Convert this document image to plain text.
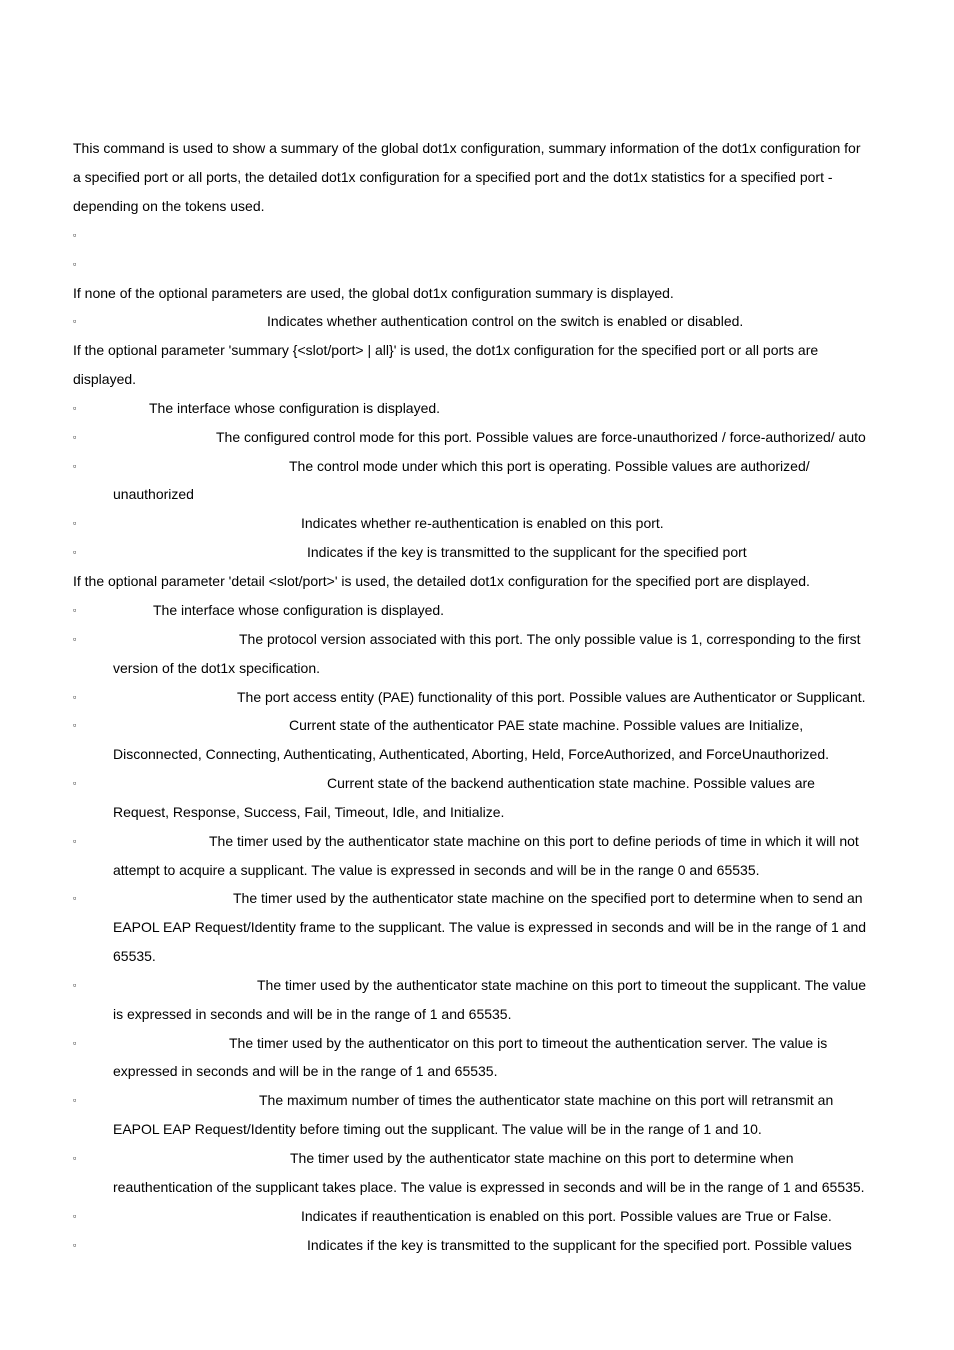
This command is used to show a summary of the global dot1x configuration, summary information of the dot1x configuration for
a specified port or all ports, the detailed dot1x configuration for a specified port and the dot1x statistics for a specified port -
depending on the tokens used.
▫
▫
If none of the optional parameters are used, the global dot1x configuration summary is displayed.
▫	Indicates whether authentication control on the switch is enabled or disabled.
If the optional parameter 'summary {<slot/port> | all}' is used, the dot1x configuration for the specified port or all ports are
displayed.
▫	The interface whose configuration is displayed.
▫	The configured control mode for this port. Possible values are force-unauthorized / force-authorized/ auto
▫	The control mode under which this port is operating. Possible values are authorized/
unauthorized
▫	Indicates whether re-authentication is enabled on this port.
▫	Indicates if the key is transmitted to the supplicant for the specified port
If the optional parameter 'detail <slot/port>' is used, the detailed dot1x configuration for the specified port are displayed.
▫	The interface whose configuration is displayed.
▫	The protocol version associated with this port. The only possible value is 1, corresponding to the first
version of the dot1x specification.
▫	The port access entity (PAE) functionality of this port. Possible values are Authenticator or Supplicant.
▫	Current state of the authenticator PAE state machine. Possible values are Initialize,
Disconnected, Connecting, Authenticating, Authenticated, Aborting, Held, ForceAuthorized, and ForceUnauthorized.
▫	Current state of the backend authentication state machine. Possible values are
Request, Response, Success, Fail, Timeout, Idle, and Initialize.
▫	The timer used by the authenticator state machine on this port to define periods of time in which it will not
attempt to acquire a supplicant. The value is expressed in seconds and will be in the range 0 and 65535.
▫	The timer used by the authenticator state machine on the specified port to determine when to send an
EAPOL EAP Request/Identity frame to the supplicant. The value is expressed in seconds and will be in the range of 1 and
65535.
▫	The timer used by the authenticator state machine on this port to timeout the supplicant. The value
is expressed in seconds and will be in the range of 1 and 65535.
▫	The timer used by the authenticator on this port to timeout the authentication server. The value is
expressed in seconds and will be in the range of 1 and 65535.
▫	The maximum number of times the authenticator state machine on this port will retransmit an
EAPOL EAP Request/Identity before timing out the supplicant. The value will be in the range of 1 and 10.
▫	The timer used by the authenticator state machine on this port to determine when
reauthentication of the supplicant takes place. The value is expressed in seconds and will be in the range of 1 and 65535.
▫	Indicates if reauthentication is enabled on this port. Possible values are True or False.
▫	Indicates if the key is transmitted to the supplicant for the specified port. Possible values
